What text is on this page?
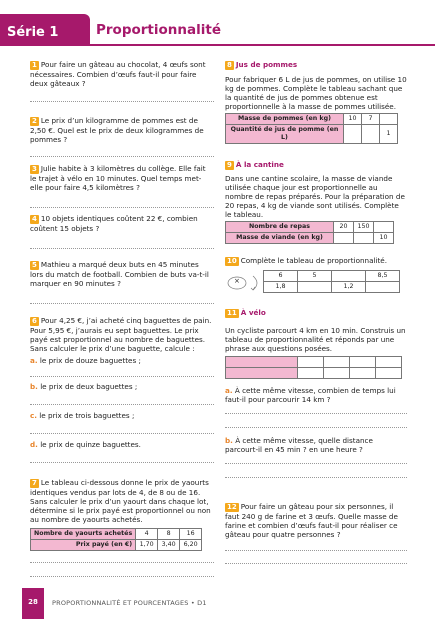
Série 1	Proportionnalité

1 Pour faire un gâteau au chocolat, 4 œufs sont nécessaires. Combien d’œufs faut-il pour faire deux gâteaux ?

2 Le prix d’un kilogramme de pommes est de 2,50 €. Quel est le prix de deux kilogrammes de pommes ?

3 Julie habite à 3 kilomètres du collège. Elle fait le trajet à vélo en 10 minutes. Quel temps met-elle pour faire 4,5 kilomètres ?

4 10 objets identiques coûtent 22 €, combien coûtent 15 objets ?

5 Mathieu a marqué deux buts en 45 minutes lors du match de football. Combien de buts va-t-il marquer en 90 minutes ?

6 Pour 4,25 €, j’ai acheté cinq baguettes de pain. Pour 5,95 €, j’aurais eu sept baguettes. Le prix payé est proportionnel au nombre de baguettes. Sans calculer le prix d’une baguette, calcule :

a. le prix de douze baguettes ;

b. le prix de deux baguettes ;

c. le prix de trois baguettes ;

d. le prix de quinze baguettes.

7 Le tableau ci-dessous donne le prix de yaourts identiques vendus par lots de 4, de 8 ou de 16. Sans calculer le prix d’un yaourt dans chaque lot, détermine si le prix payé est proportionnel ou non au nombre de yaourts achetés.

Nombre de yaourts achetés	4	8	16
Prix payé (en €)	1,70	3,40	6,20

8 Jus de pommes

Pour fabriquer 6 L de jus de pommes, on utilise 10 kg de pommes. Complète le tableau sachant que la quantité de jus de pommes obtenue est proportionnelle à la masse de pommes utilisée.

Masse de pommes (en kg)	10	7	
Quantité de jus de pomme (en L)			1

9 À la cantine

Dans une cantine scolaire, la masse de viande utilisée chaque jour est proportionnelle au nombre de repas préparés. Pour la préparation de 20 repas, 4 kg de viande sont utilisés. Complète le tableau.

Nombre de repas	20	150	
Masse de viande (en kg)			10

10 Complète le tableau de proportionnalité.

×
6	5		8,5
1,8		1,2	

11 À vélo

Un cycliste parcourt 4 km en 10 min. Construis un tableau de proportionnalité et réponds par une phrase aux questions posées.

a. À cette même vitesse, combien de temps lui faut-il pour parcourir 14 km ?

b. À cette même vitesse, quelle distance parcourt-il en 45 min ? en une heure ?

12 Pour faire un gâteau pour six personnes, il faut 240 g de farine et 3 œufs. Quelle masse de farine et combien d’œufs faut-il pour réaliser ce gâteau pour quatre personnes ?

28	PROPORTIONNALITÉ ET POURCENTAGES • D1
